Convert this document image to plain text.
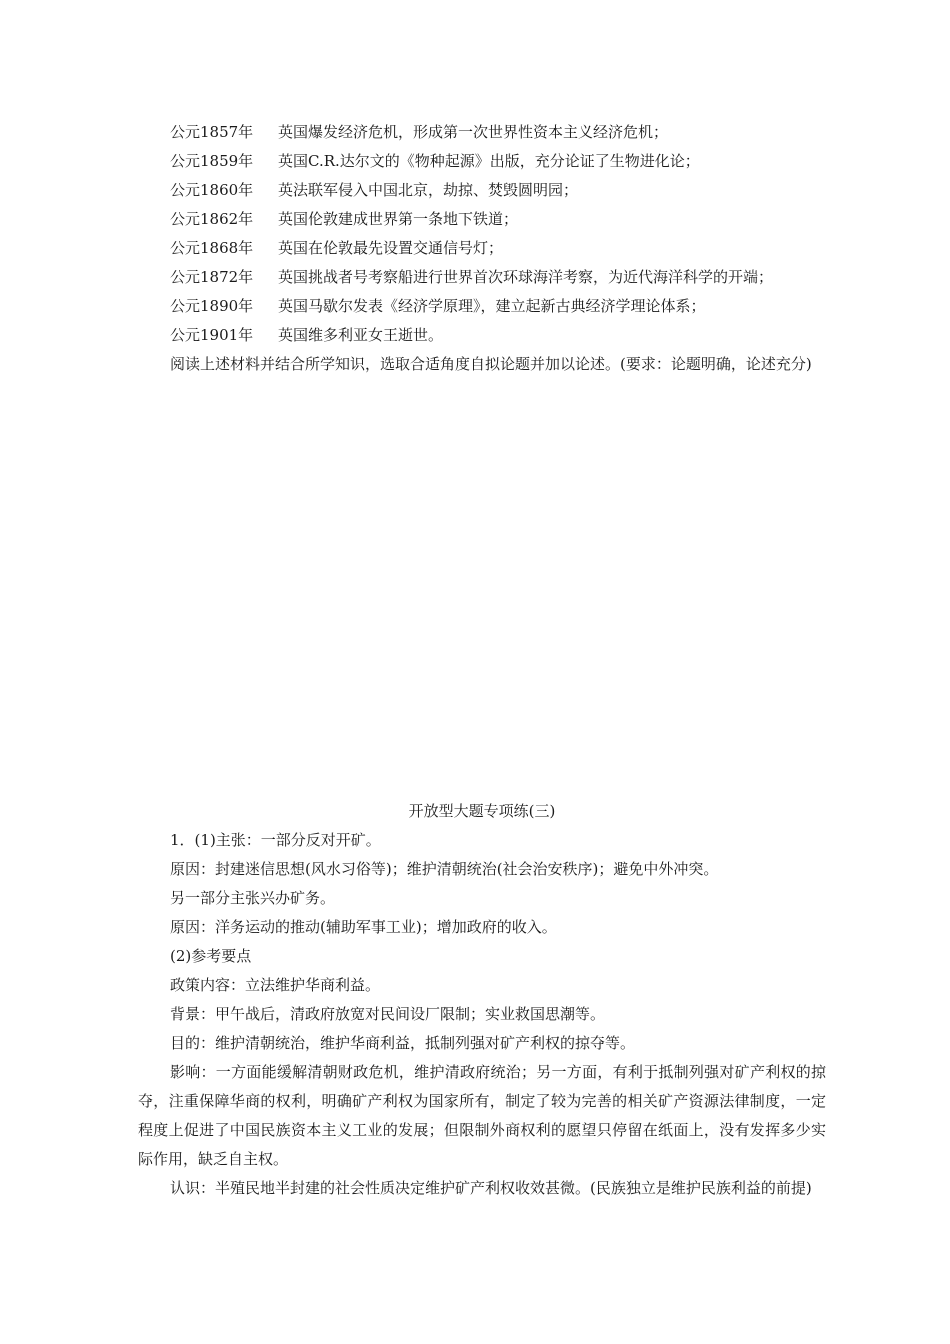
公元1857年	英国爆发经济危机，形成第一次世界性资本主义经济危机；
公元1859年	英国C.R.达尔文的《物种起源》出版，充分论证了生物进化论；
公元1860年	英法联军侵入中国北京，劫掠、焚毁圆明园；
公元1862年	英国伦敦建成世界第一条地下铁道；
公元1868年	英国在伦敦最先设置交通信号灯；
公元1872年	英国挑战者号考察船进行世界首次环球海洋考察，为近代海洋科学的开端；
公元1890年	英国马歇尔发表《经济学原理》，建立起新古典经济学理论体系；
公元1901年	英国维多利亚女王逝世。

阅读上述材料并结合所学知识，选取合适角度自拟论题并加以论述。(要求：论题明确，论述充分)

开放型大题专项练(三)

1．(1)主张：一部分反对开矿。

原因：封建迷信思想(风水习俗等)；维护清朝统治(社会治安秩序)；避免中外冲突。

另一部分主张兴办矿务。

原因：洋务运动的推动(辅助军事工业)；增加政府的收入。

(2)参考要点

政策内容：立法维护华商利益。

背景：甲午战后，清政府放宽对民间设厂限制；实业救国思潮等。

目的：维护清朝统治，维护华商利益，抵制列强对矿产利权的掠夺等。

影响：一方面能缓解清朝财政危机，维护清政府统治；另一方面，有利于抵制列强对矿产利权的掠夺，注重保障华商的权利，明确矿产利权为国家所有，制定了较为完善的相关矿产资源法律制度，一定程度上促进了中国民族资本主义工业的发展；但限制外商权利的愿望只停留在纸面上，没有发挥多少实际作用，缺乏自主权。

认识：半殖民地半封建的社会性质决定维护矿产利权收效甚微。(民族独立是维护民族利益的前提)
